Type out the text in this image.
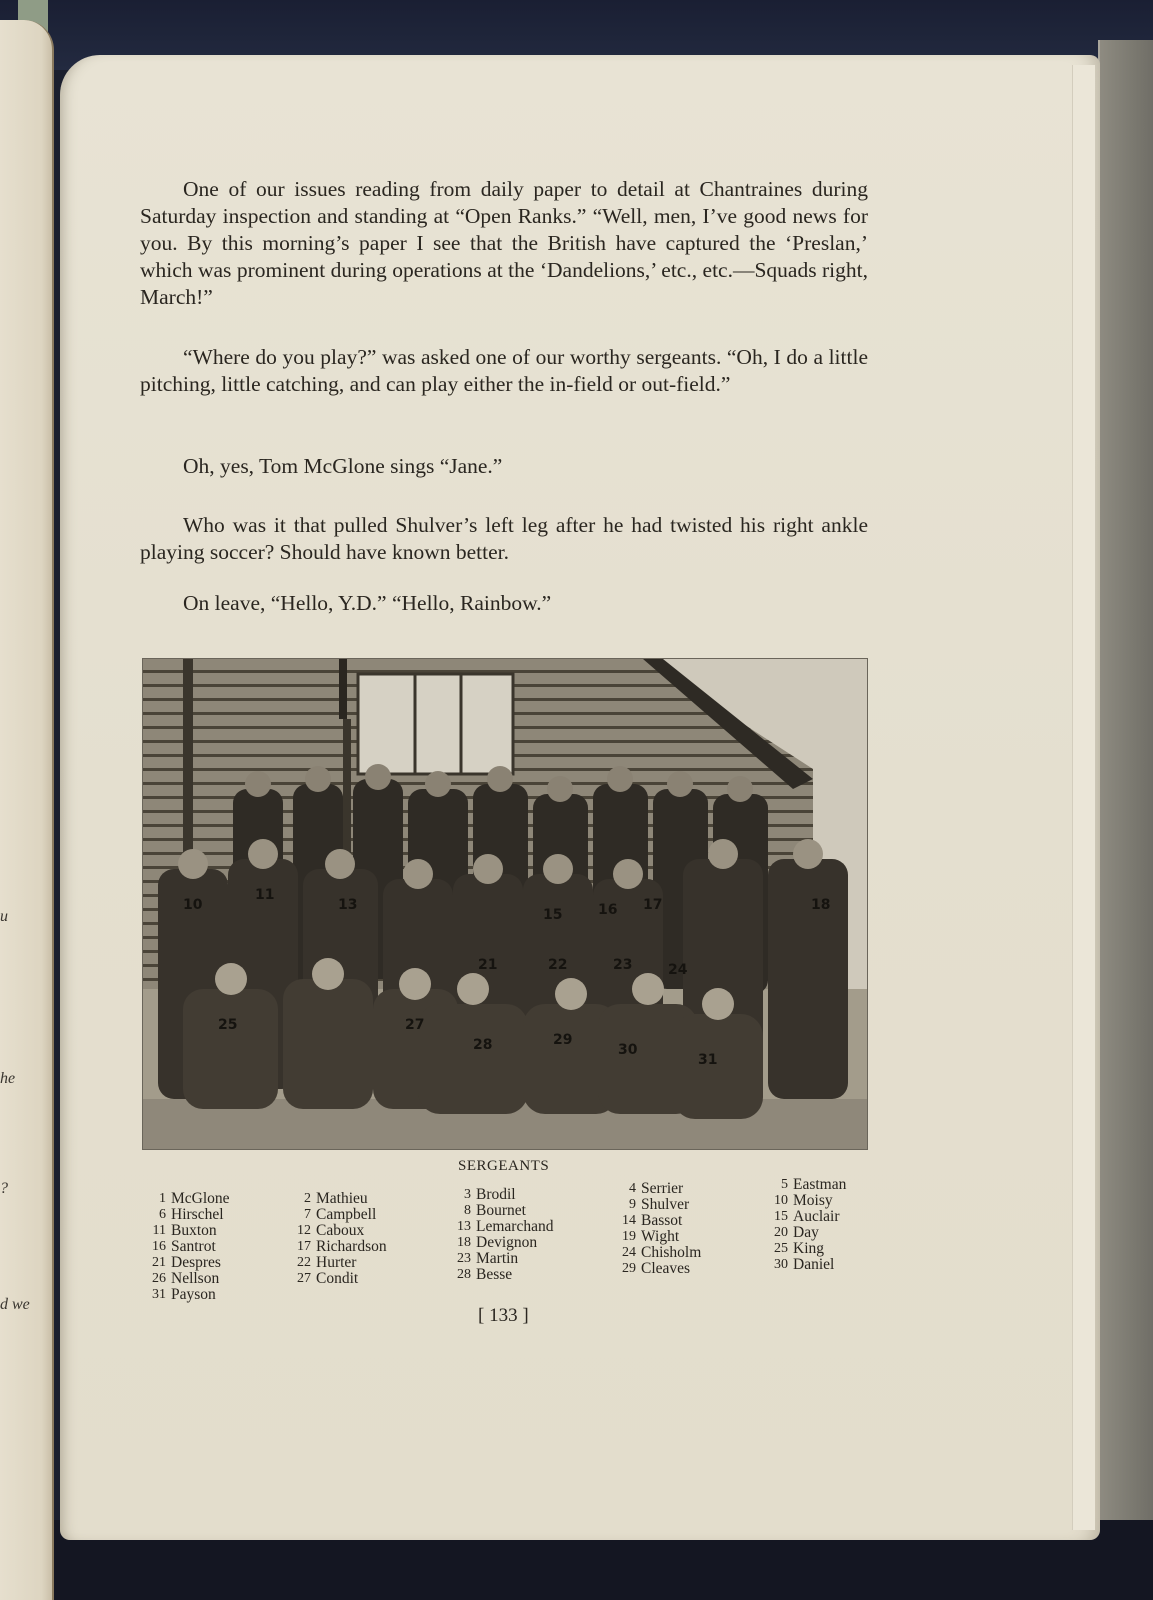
u
he
?
d we

One of our issues reading from daily paper to detail at Chantraines during Saturday inspection and standing at “Open Ranks.” “Well, men, I’ve good news for you. By this morning’s paper I see that the British have captured the ‘Preslan,’ which was prominent during operations at the ‘Dandelions,’ etc., etc.—Squads right, March!”

“Where do you play?” was asked one of our worthy sergeants. “Oh, I do a little pitching, little catching, and can play either the in-field or out-field.”

Oh, yes, Tom McGlone sings “Jane.”

Who was it that pulled Shulver’s left leg after he had twisted his right ankle playing soccer? Should have known better.

On leave, “Hello, Y.D.” “Hello, Rainbow.”

10
11
13
15	16 17	18
21	22	23	24
25	27
28	29
30
31
SERGEANTS
1 McGlone
6 Hirschel
11 Buxton
16 Santrot
21 Despres
26 Nellson
31 Payson
2 Mathieu
7 Campbell
12 Caboux
17 Richardson
22 Hurter
27 Condit
3 Brodil
8 Bournet
13 Lemarchand
18 Devignon
23 Martin
28 Besse
4 Serrier
9 Shulver
14 Bassot
19 Wight
24 Chisholm
29 Cleaves
5 Eastman
10 Moisy
15 Auclair
20 Day
25 King
30 Daniel
[ 133 ]
